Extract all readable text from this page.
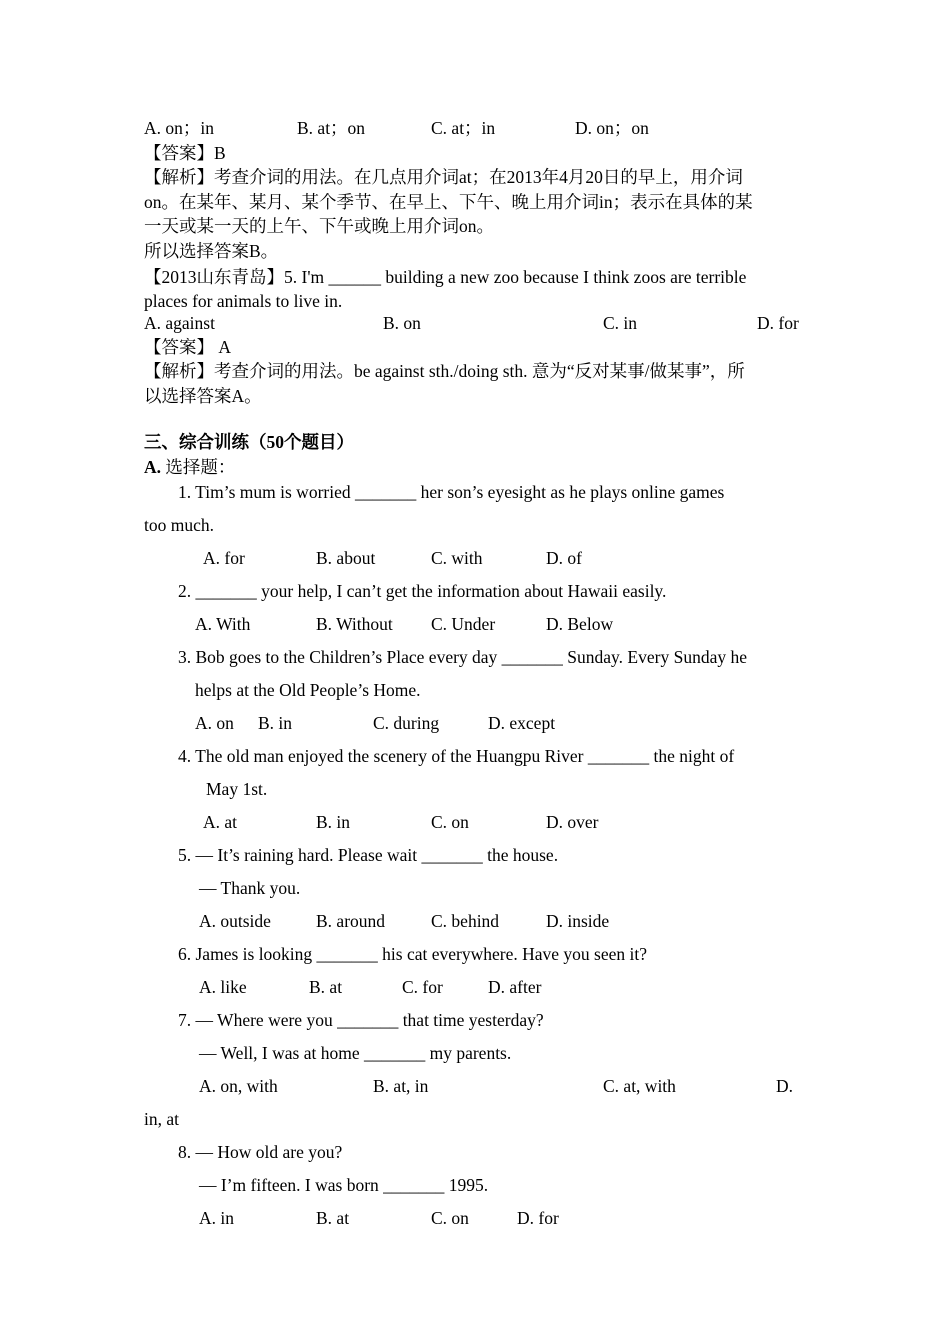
A. on；in	B. at；on	C. at；in	D. on；on
【答案】B
【解析】考查介词的用法。在几点用介词at；在2013年4月20日的早上，用介词
on。在某年、某月、某个季节、在早上、下午、晚上用介词in；表示在具体的某
一天或某一天的上午、下午或晚上用介词on。
所以选择答案B。
【2013山东青岛】5. I'm ______ building a new zoo because I think zoos are terrible
places for animals to live in.
A. against	B. on	C. in	D. for
【答案】 A
【解析】考查介词的用法。be against sth./doing sth. 意为“反对某事/做某事”，所
以选择答案A。
三、综合训练（50个题目）
A. 选择题：
1. Tim’s mum is worried _______ her son’s eyesight as he plays online games
too much.
A. for	B. about	C. with	D. of
2. _______ your help, I can’t get the information about Hawaii easily.
A. With	B. Without C. Under	D. Below
3. Bob goes to the Children’s Place every day _______ Sunday. Every Sunday he
helps at the Old People’s Home.
A. on B. in	C. during	D. except
4. The old man enjoyed the scenery of the Huangpu River _______ the night of
May 1st.
A. at	B. in	C. on	D. over
5. — It’s raining hard. Please wait _______ the house.
— Thank you.
A. outside	B. around	C. behind	D. inside
6. James is looking _______ his cat everywhere. Have you seen it?
A. like	B. at	C. for	D. after
7. — Where were you _______ that time yesterday?
— Well, I was at home _______ my parents.
A. on, with	B. at, in	C. at, with	D.
in, at
8. — How old are you?
— I’m fifteen. I was born _______ 1995.
A. in	B. at	C. on	D. for
